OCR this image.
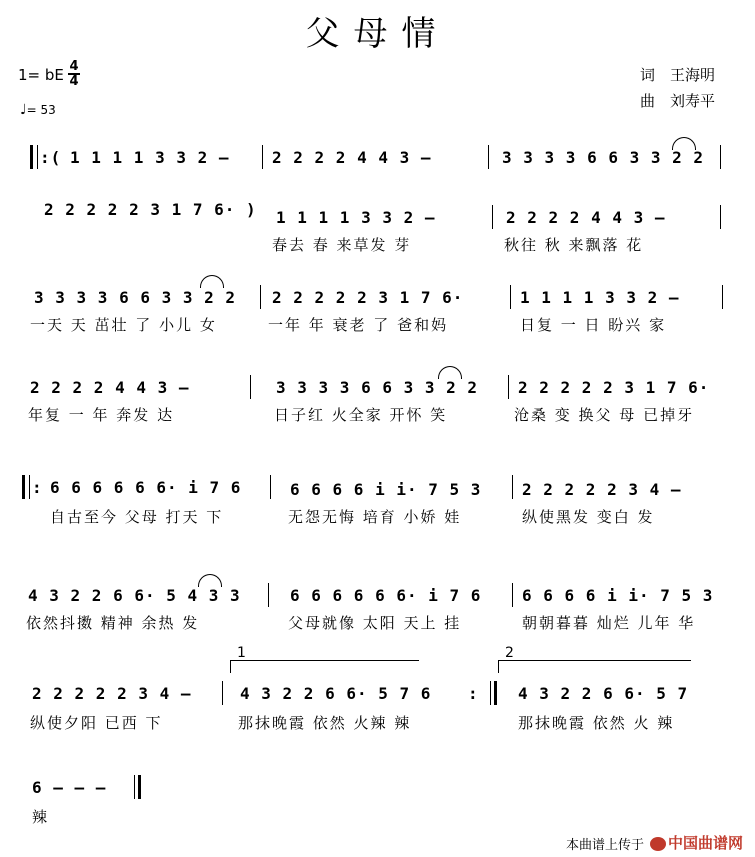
父母情
1= bE 4
4
♩= 53
词　王海明
曲　刘寿平
:( 1 1 1 1 3 3 2 –	2 2 2 2 4 4 3 –	3 3 3 3 6 6 3 3 2 2
2 2 2 2 2 3 1 7 6· ) 1 1 1 1 3 3 2 –	2 2 2 2 4 4 3 –
春去 春 来草发 芽	秋往 秋 来飘落 花
3 3 3 3 6 6 3 3 2 2 2 2 2 2 2 3 1 7 6·	1 1 1 1 3 3 2 –
一天 天 茁壮 了 小儿 女	一年 年 衰老 了 爸和妈	日复 一 日 盼兴 家
2 2 2 2 4 4 3 –	3 3 3 3 6 6 3 3 2 2 2 2 2 2 2 3 1 7 6·
年复 一 年 奔发 达	日子红 火全家 开怀 笑	沧桑 变 换父 母 已掉牙
: 6 6 6 6 6 6· i 7 6	6 6 6 6 i i· 7 5 3	2 2 2 2 2 3 4 –
自古至今 父母 打天 下	无怨无悔 培育 小娇 娃	纵使黑发 变白 发
4 3 2 2 6 6· 5 4 3 3	6 6 6 6 6 6· i 7 6	6 6 6 6 i i· 7 5 3
依然抖擞 精神 余热 发	父母就像 太阳 天上 挂	朝朝暮暮 灿烂 儿年 华
1	2
2 2 2 2 2 3 4 –	4 3 2 2 6 6· 5 7 6 : 4 3 2 2 6 6· 5 7
纵使夕阳 已西 下	那抹晚霞 依然 火辣 辣	那抹晚霞 依然 火 辣
6 – – –
辣
本曲谱上传于	中国曲谱网
